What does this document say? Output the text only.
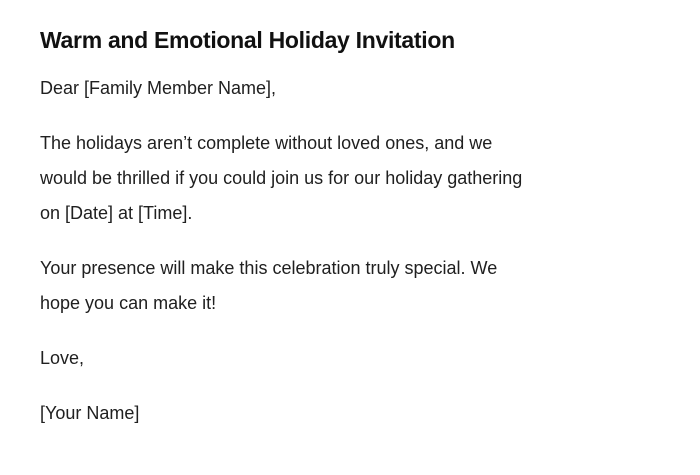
Warm and Emotional Holiday Invitation

Dear [Family Member Name],

The holidays aren’t complete without loved ones, and we
would be thrilled if you could join us for our holiday gathering
on [Date] at [Time].

Your presence will make this celebration truly special. We
hope you can make it!

Love,

[Your Name]
